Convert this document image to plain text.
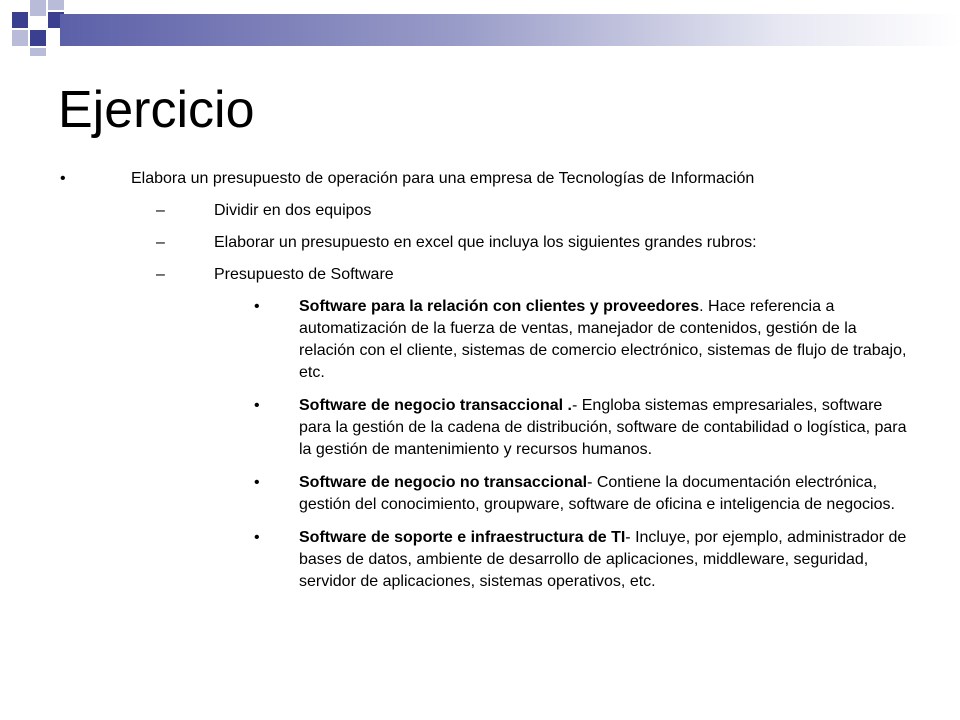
Ejercicio
•	Elabora un presupuesto de operación para una empresa de Tecnologías de Información
–	Dividir en dos equipos
–	Elaborar un presupuesto en excel que incluya los siguientes grandes rubros:
–	Presupuesto de Software
• Software para la relación con clientes y proveedores. Hace referencia a automatización de la fuerza de ventas, manejador de contenidos, gestión de la relación con el cliente, sistemas de comercio electrónico, sistemas de flujo de trabajo, etc.
• Software de negocio transaccional .- Engloba sistemas empresariales, software para la gestión de la cadena de distribución, software de contabilidad o logística, para la gestión de mantenimiento y recursos humanos.
• Software de negocio no transaccional- Contiene la documentación electrónica, gestión del conocimiento, groupware, software de oficina e inteligencia de negocios.
• Software de soporte e infraestructura de TI- Incluye, por ejemplo, administrador de bases de datos, ambiente de desarrollo de aplicaciones, middleware, seguridad, servidor de aplicaciones, sistemas operativos, etc.
